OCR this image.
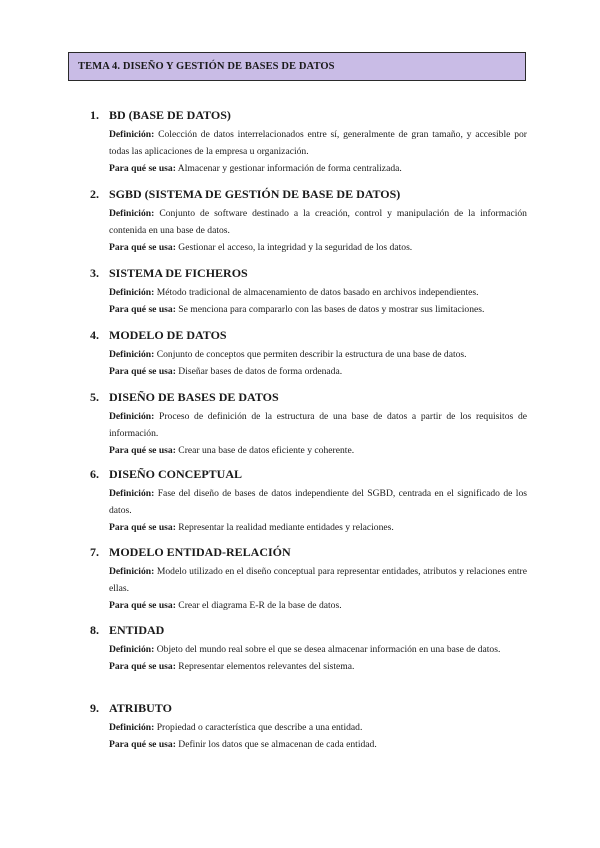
TEMA 4. DISEÑO Y GESTIÓN DE BASES DE DATOS
1. BD (BASE DE DATOS)

Definición: Colección de datos interrelacionados entre sí, generalmente de gran tamaño, y accesible por todas las aplicaciones de la empresa u organización.

Para qué se usa: Almacenar y gestionar información de forma centralizada.

2. SGBD (SISTEMA DE GESTIÓN DE BASE DE DATOS)

Definición: Conjunto de software destinado a la creación, control y manipulación de la información contenida en una base de datos.

Para qué se usa: Gestionar el acceso, la integridad y la seguridad de los datos.

3. SISTEMA DE FICHEROS

Definición: Método tradicional de almacenamiento de datos basado en archivos independientes.

Para qué se usa: Se menciona para compararlo con las bases de datos y mostrar sus limitaciones.

4. MODELO DE DATOS

Definición: Conjunto de conceptos que permiten describir la estructura de una base de datos.

Para qué se usa: Diseñar bases de datos de forma ordenada.

5. DISEÑO DE BASES DE DATOS

Definición: Proceso de definición de la estructura de una base de datos a partir de los requisitos de información.

Para qué se usa: Crear una base de datos eficiente y coherente.

6. DISEÑO CONCEPTUAL

Definición: Fase del diseño de bases de datos independiente del SGBD, centrada en el significado de los datos.

Para qué se usa: Representar la realidad mediante entidades y relaciones.

7. MODELO ENTIDAD-RELACIÓN

Definición: Modelo utilizado en el diseño conceptual para representar entidades, atributos y relaciones entre ellas.

Para qué se usa: Crear el diagrama E-R de la base de datos.

8. ENTIDAD

Definición: Objeto del mundo real sobre el que se desea almacenar información en una base de datos.

Para qué se usa: Representar elementos relevantes del sistema.

9. ATRIBUTO

Definición: Propiedad o característica que describe a una entidad.

Para qué se usa: Definir los datos que se almacenan de cada entidad.
